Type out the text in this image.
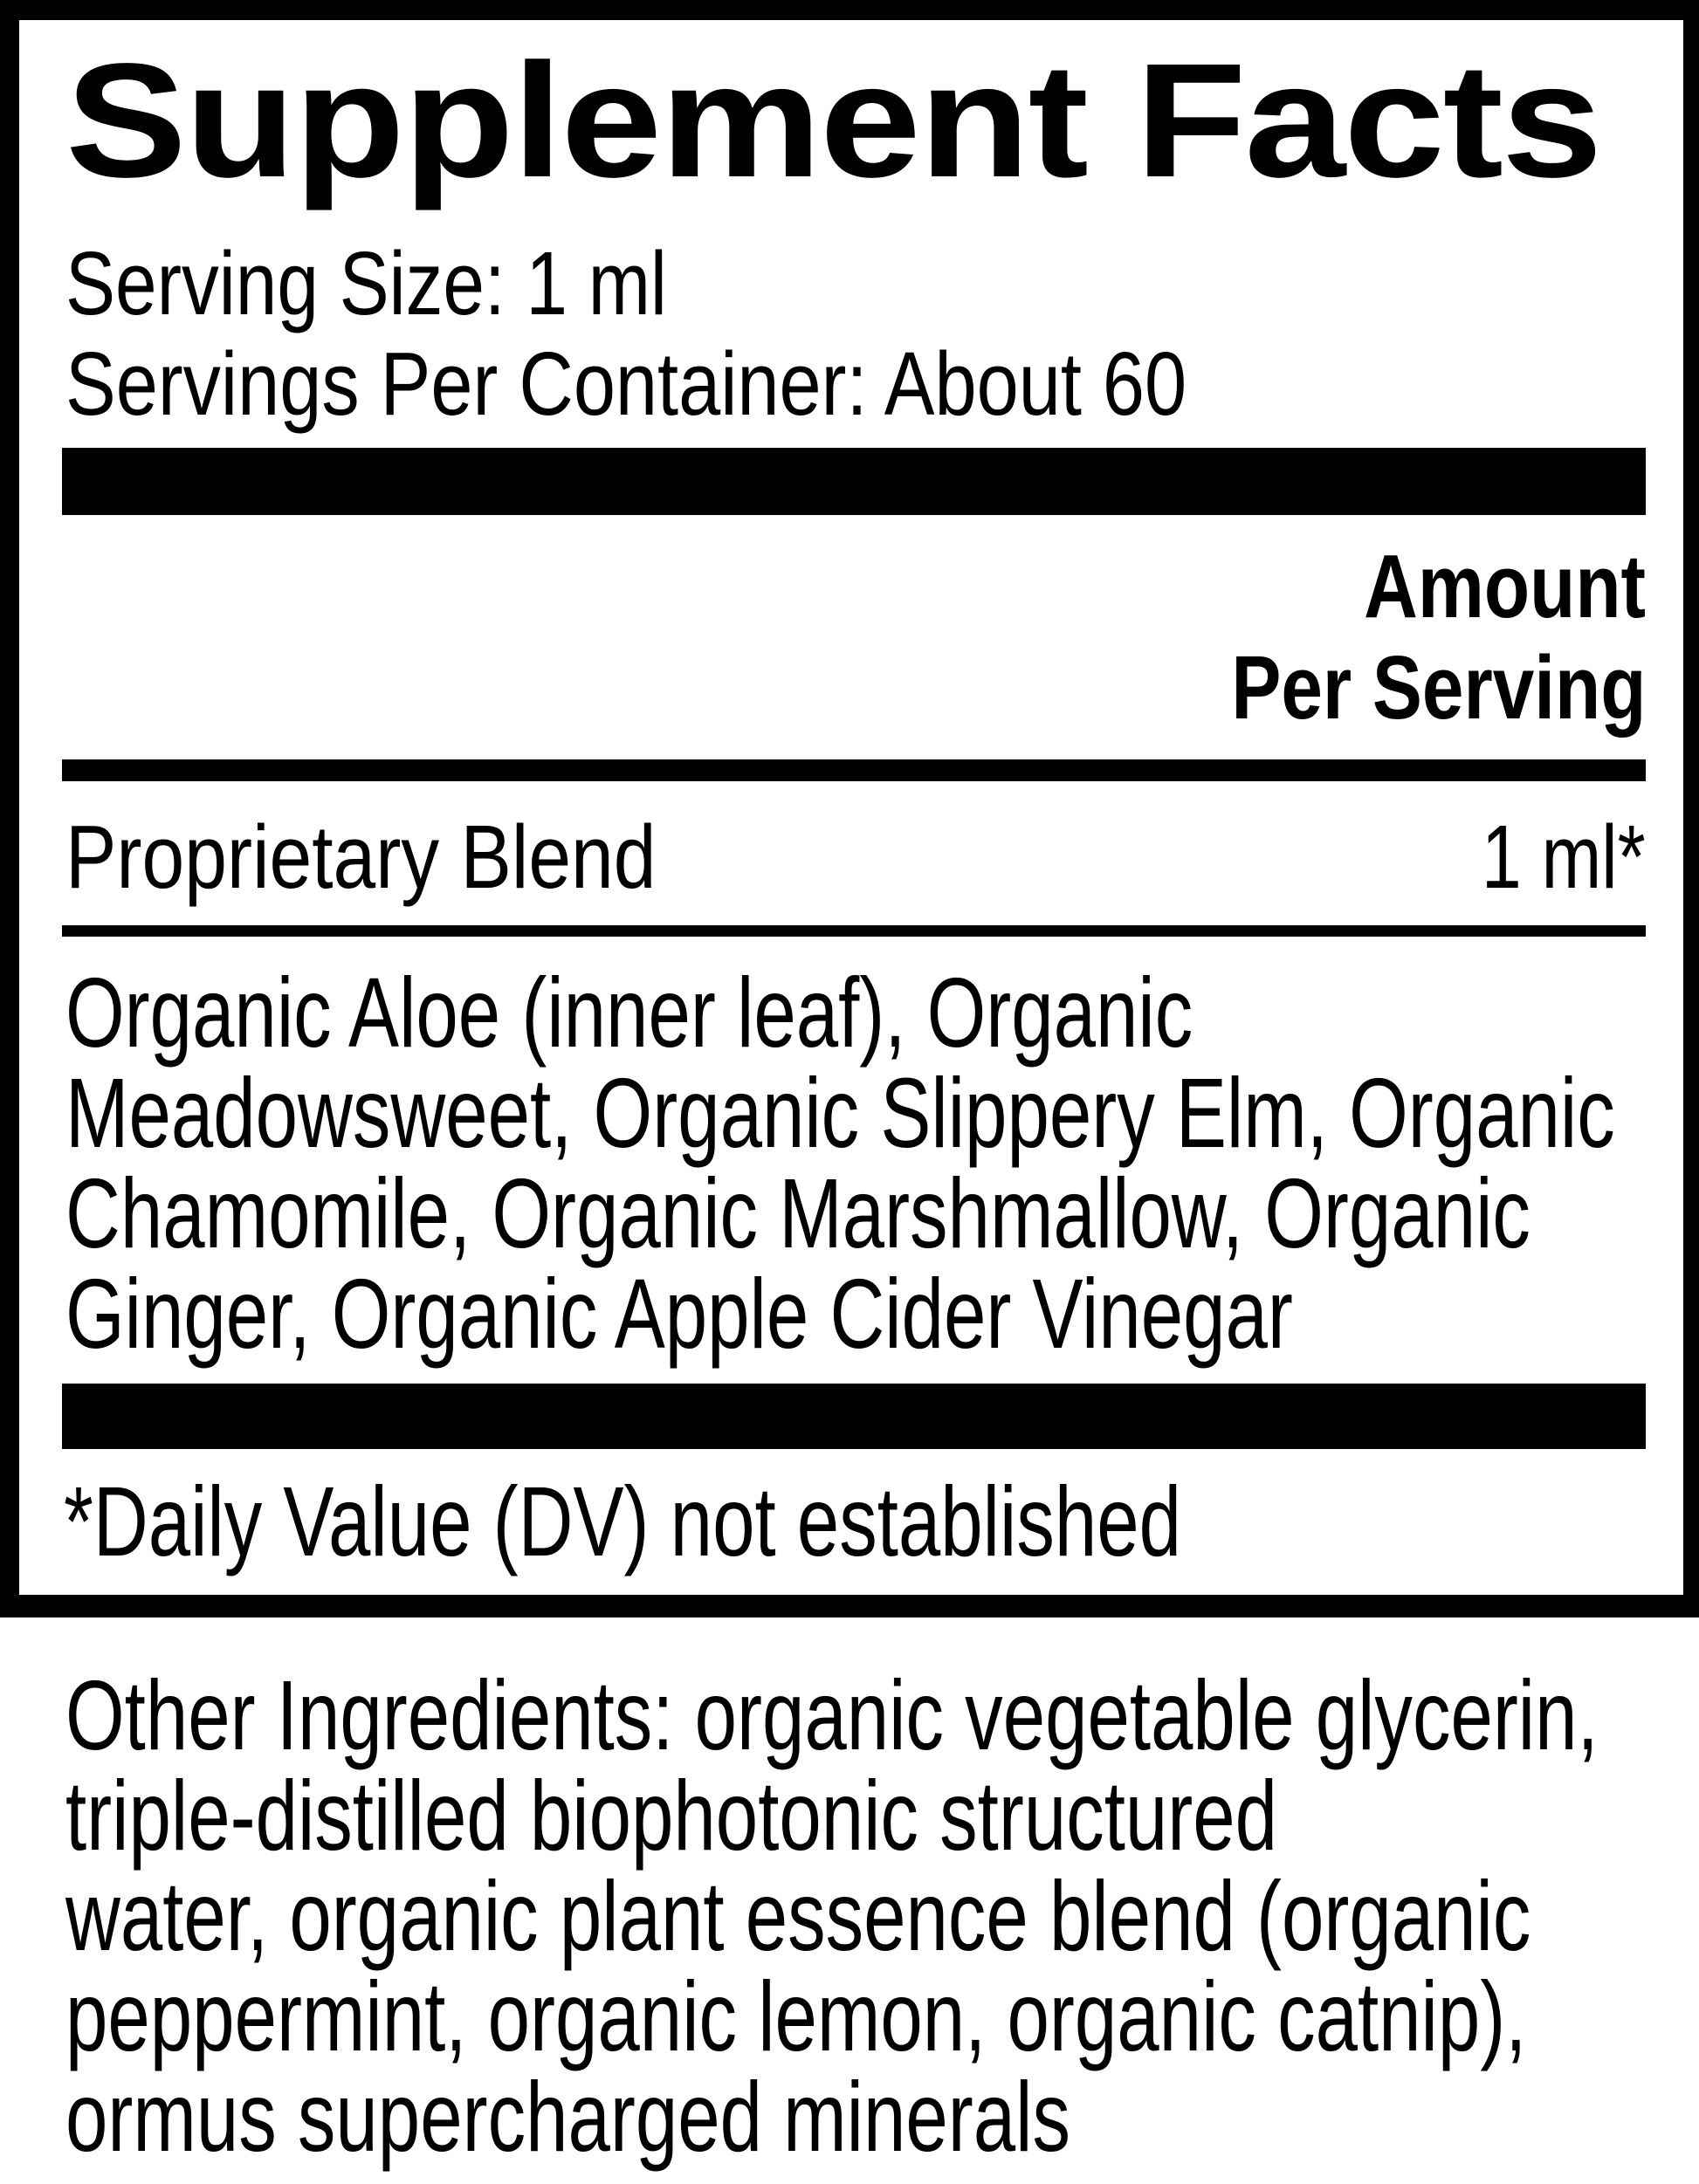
Supplement Facts
Serving Size: 1 ml
Servings Per Container: About 60
Amount
Per Serving
Proprietary Blend	1 ml*
Organic Aloe (inner leaf), Organic
Meadowsweet, Organic Slippery Elm, Organic
Chamomile, Organic Marshmallow, Organic
Ginger, Organic Apple Cider Vinegar
*Daily Value (DV) not established
Other Ingredients: organic vegetable glycerin,
triple-distilled biophotonic structured
water, organic plant essence blend (organic
peppermint, organic lemon, organic catnip),
ormus supercharged minerals
